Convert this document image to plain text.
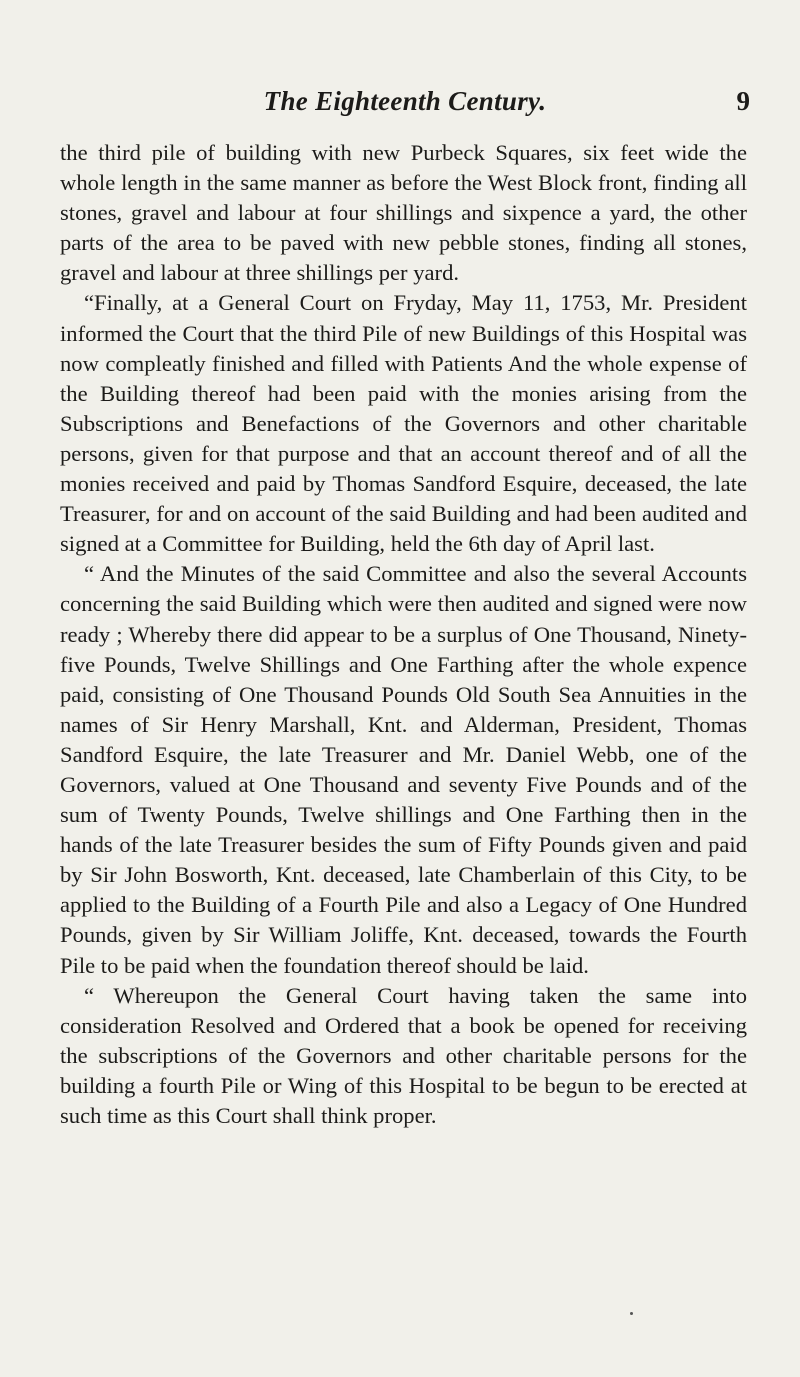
The Eighteenth Century.	9

the third pile of building with new Purbeck Squares, six feet wide the whole length in the same manner as before the West Block front, finding all stones, gravel and labour at four shillings and sixpence a yard, the other parts of the area to be paved with new pebble stones, finding all stones, gravel and labour at three shillings per yard.

“Finally, at a General Court on Fryday, May 11, 1753, Mr. President informed the Court that the third Pile of new Buildings of this Hospital was now compleatly finished and filled with Patients And the whole expense of the Building thereof had been paid with the monies arising from the Subscriptions and Benefactions of the Governors and other charitable persons, given for that purpose and that an account thereof and of all the monies received and paid by Thomas Sandford Esquire, deceased, the late Treasurer, for and on account of the said Building and had been audited and signed at a Committee for Building, held the 6th day of April last.

“ And the Minutes of the said Committee and also the several Accounts concerning the said Building which were then audited and signed were now ready ; Whereby there did appear to be a surplus of One Thousand, Ninety-five Pounds, Twelve Shillings and One Farthing after the whole expence paid, consisting of One Thousand Pounds Old South Sea Annuities in the names of Sir Henry Marshall, Knt. and Alderman, President, Thomas Sandford Esquire, the late Treasurer and Mr. Daniel Webb, one of the Governors, valued at One Thousand and seventy Five Pounds and of the sum of Twenty Pounds, Twelve shillings and One Farthing then in the hands of the late Treasurer besides the sum of Fifty Pounds given and paid by Sir John Bosworth, Knt. deceased, late Chamberlain of this City, to be applied to the Building of a Fourth Pile and also a Legacy of One Hundred Pounds, given by Sir William Joliffe, Knt. deceased, towards the Fourth Pile to be paid when the foundation thereof should be laid.

“ Whereupon the General Court having taken the same into consideration Resolved and Ordered that a book be opened for receiving the subscriptions of the Governors and other charitable persons for the building a fourth Pile or Wing of this Hospital to be begun to be erected at such time as this Court shall think proper.
